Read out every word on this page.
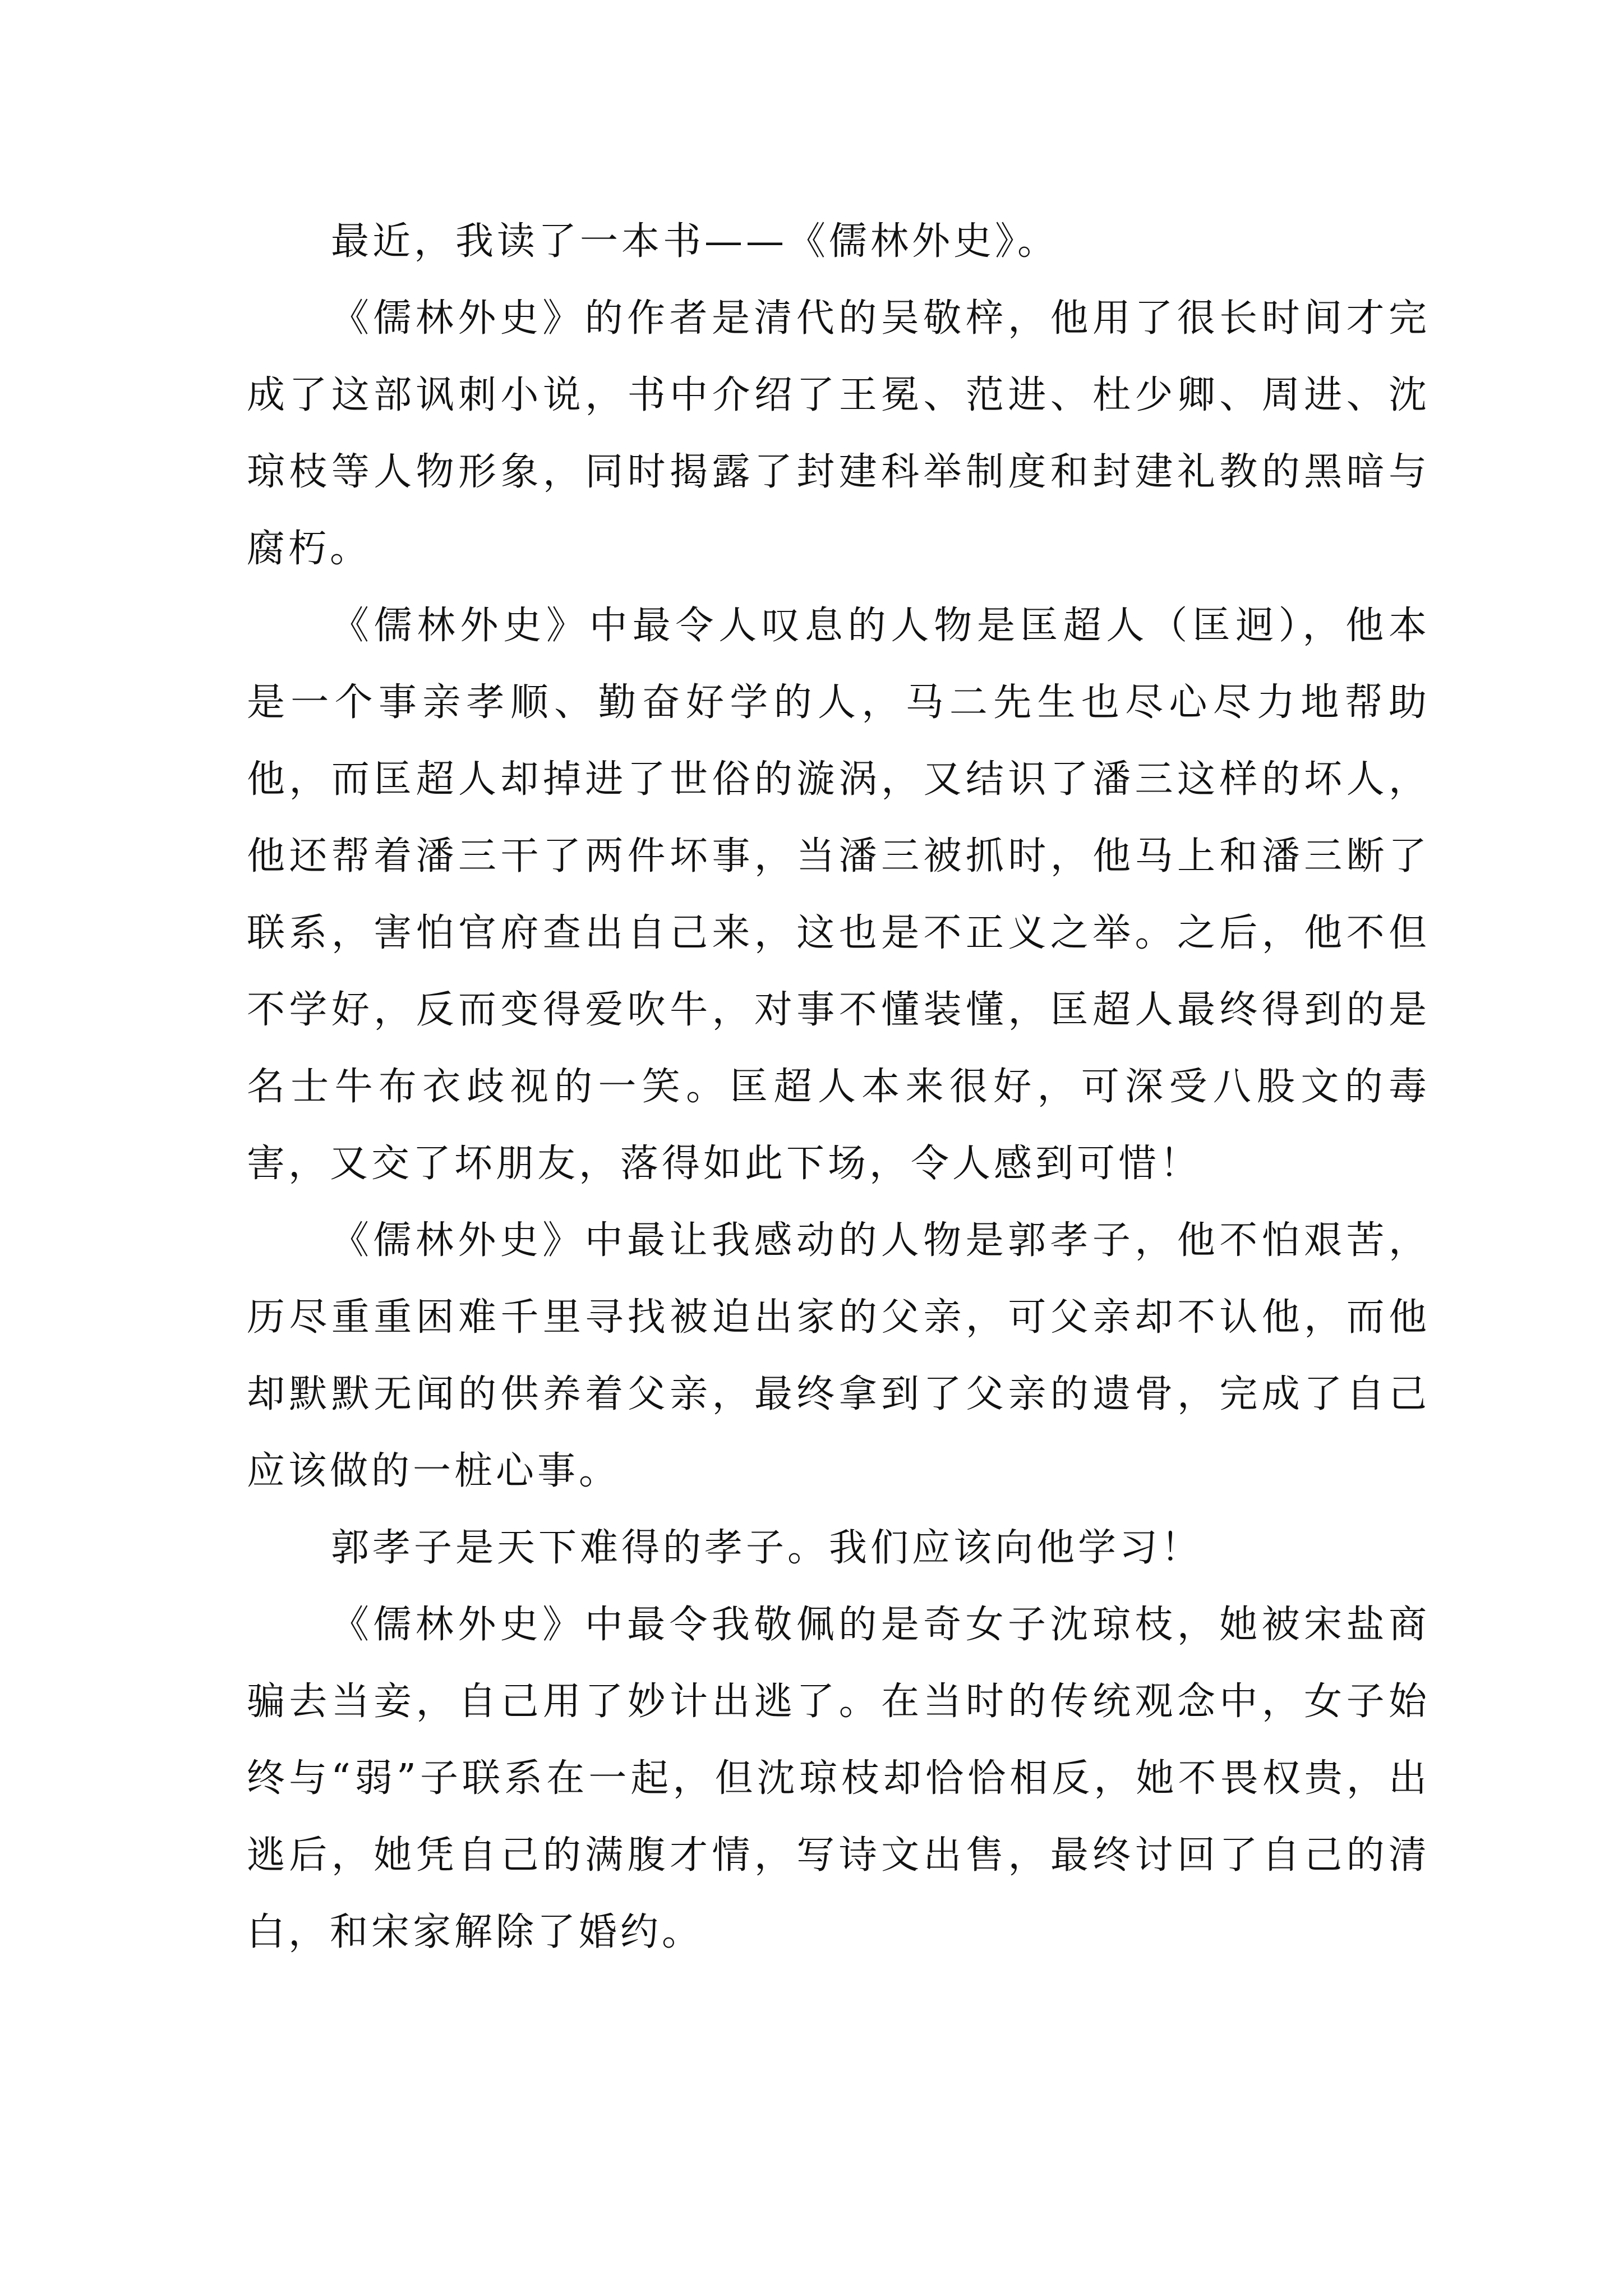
最近，我读了一本书——《儒林外史》。

《儒林外史》的作者是清代的吴敬梓，他用了很长时间才完成了这部讽刺小说，书中介绍了王冕、范进、杜少卿、周进、沈琼枝等人物形象，同时揭露了封建科举制度和封建礼教的黑暗与腐朽。

《儒林外史》中最令人叹息的人物是匡超人（匡迥），他本是一个事亲孝顺、勤奋好学的人，马二先生也尽心尽力地帮助他，而匡超人却掉进了世俗的漩涡，又结识了潘三这样的坏人，他还帮着潘三干了两件坏事，当潘三被抓时，他马上和潘三断了联系，害怕官府查出自己来，这也是不正义之举。之后，他不但不学好，反而变得爱吹牛，对事不懂装懂，匡超人最终得到的是名士牛布衣歧视的一笑。匡超人本来很好，可深受八股文的毒害，又交了坏朋友，落得如此下场，令人感到可惜！

《儒林外史》中最让我感动的人物是郭孝子，他不怕艰苦，历尽重重困难千里寻找被迫出家的父亲，可父亲却不认他，而他却默默无闻的供养着父亲，最终拿到了父亲的遗骨，完成了自己应该做的一桩心事。

郭孝子是天下难得的孝子。我们应该向他学习！

《儒林外史》中最令我敬佩的是奇女子沈琼枝，她被宋盐商骗去当妾，自己用了妙计出逃了。在当时的传统观念中，女子始终与“弱”子联系在一起，但沈琼枝却恰恰相反，她不畏权贵，出逃后，她凭自己的满腹才情，写诗文出售，最终讨回了自己的清白，和宋家解除了婚约。
